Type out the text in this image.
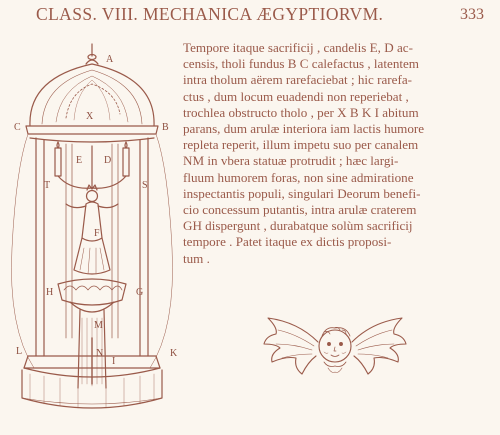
CLASS. VIII. MECHANICA ÆGYPTIORVM.	333
Tempore itaque sacrificij , candelis E, D ac-
censis, tholi fundus B C calefactus , latentem
intra tholum aërem rarefaciebat ; hic rarefa-
ctus , dum locum euadendi non reperiebat ,
trochlea obstructo tholo , per X B K I abitum
parans, dum arulæ interiora iam lactis humore
repleta reperit, illum impetu suo per canalem
NM in vbera statuæ protrudit ; hæc largi-
fluum humorem foras, non sine admiratione
inspectantis populi, singulari Deorum benefi-
cio concessum putantis, intra arulæ craterem
GH dispergunt , durabatque solùm sacrificij
tempore . Patet itaque ex dictis proposi-
tum .
A
X
B
C
D
E
T	S
F
H	G
M
L	K
N
I
